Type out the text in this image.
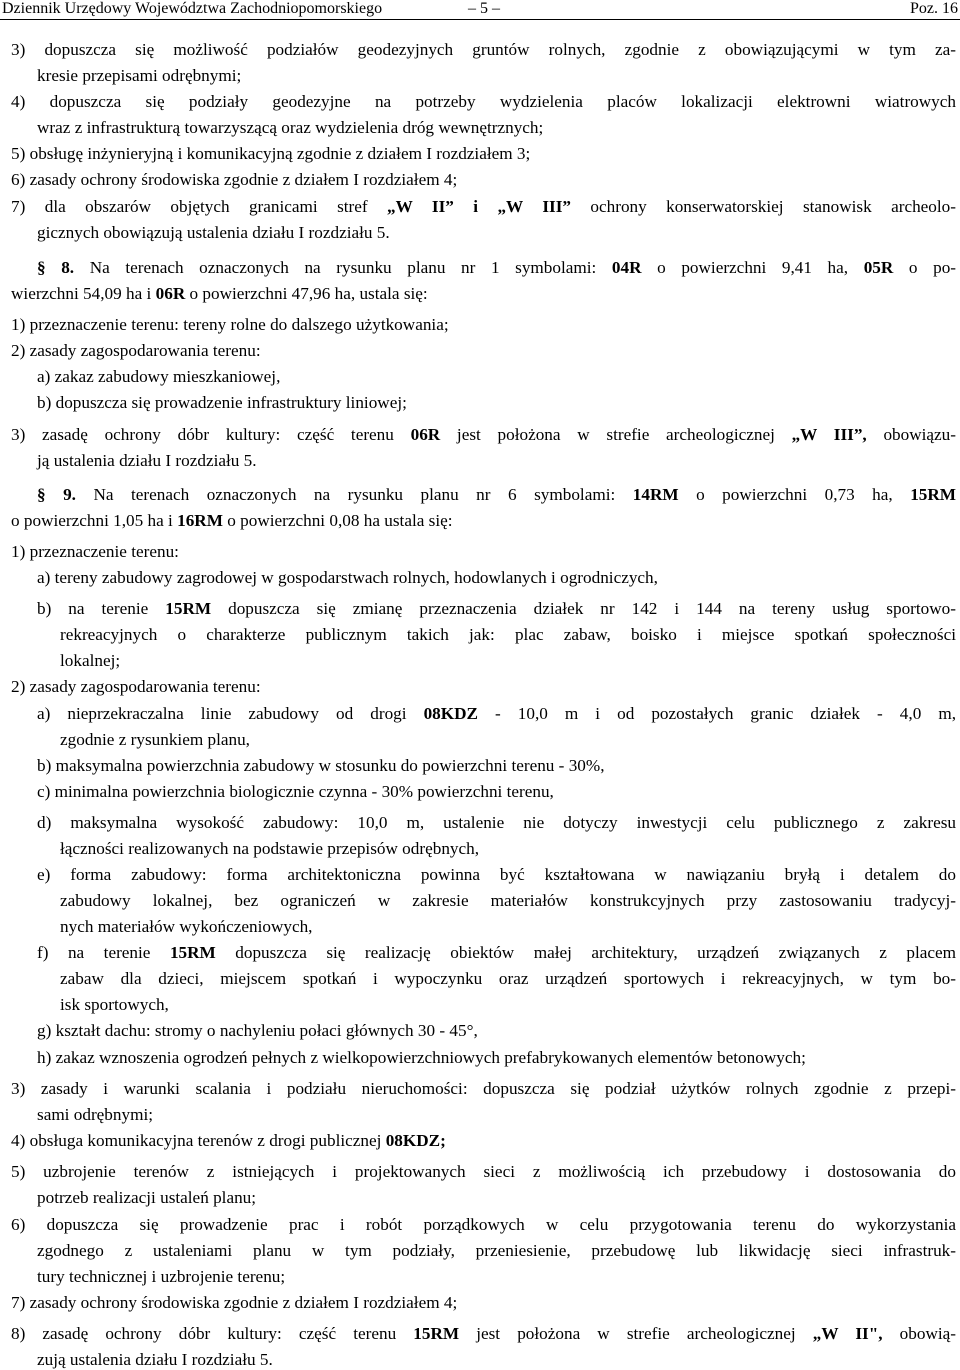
Dziennik Urzędowy Województwa Zachodniopomorskiego	– 5 –	Poz. 16
3) dopuszcza się możliwość podziałów geodezyjnych gruntów rolnych, zgodnie z obowiązującymi w tym za-
kresie przepisami odrębnymi;
4) dopuszcza się podziały geodezyjne na potrzeby wydzielenia placów lokalizacji elektrowni wiatrowych
wraz z infrastrukturą towarzyszącą oraz wydzielenia dróg wewnętrznych;
5) obsługę inżynieryjną i komunikacyjną zgodnie z działem I rozdziałem 3;
6) zasady ochrony środowiska zgodnie z działem I rozdziałem 4;
7) dla obszarów objętych granicami stref „W II” i „W III” ochrony konserwatorskiej stanowisk archeolo-
gicznych obowiązują ustalenia działu I rozdziału 5.
§ 8. Na terenach oznaczonych na rysunku planu nr 1 symbolami: 04R o powierzchni 9,41 ha, 05R o po-
wierzchni 54,09 ha i 06R o powierzchni 47,96 ha, ustala się:
1) przeznaczenie terenu: tereny rolne do dalszego użytkowania;
2) zasady zagospodarowania terenu:
a) zakaz zabudowy mieszkaniowej,
b) dopuszcza się prowadzenie infrastruktury liniowej;
3) zasadę ochrony dóbr kultury: część terenu 06R jest położona w strefie archeologicznej „W III”, obowiązu-
ją ustalenia działu I rozdziału 5.
§ 9. Na terenach oznaczonych na rysunku planu nr 6 symbolami: 14RM o powierzchni 0,73 ha, 15RM
o powierzchni 1,05 ha i 16RM o powierzchni 0,08 ha ustala się:
1) przeznaczenie terenu:
a) tereny zabudowy zagrodowej w gospodarstwach rolnych, hodowlanych i ogrodniczych,
b) na terenie 15RM dopuszcza się zmianę przeznaczenia działek nr 142 i 144 na tereny usług sportowo-
rekreacyjnych o charakterze publicznym takich jak: plac zabaw, boisko i miejsce spotkań społeczności
lokalnej;
2) zasady zagospodarowania terenu:
a) nieprzekraczalna linie zabudowy od drogi 08KDZ - 10,0 m i od pozostałych granic działek - 4,0 m,
zgodnie z rysunkiem planu,
b) maksymalna powierzchnia zabudowy w stosunku do powierzchni terenu - 30%,
c) minimalna powierzchnia biologicznie czynna - 30% powierzchni terenu,
d) maksymalna wysokość zabudowy: 10,0 m, ustalenie nie dotyczy inwestycji celu publicznego z zakresu
łączności realizowanych na podstawie przepisów odrębnych,
e) forma zabudowy: forma architektoniczna powinna być kształtowana w nawiązaniu bryłą i detalem do
zabudowy lokalnej, bez ograniczeń w zakresie materiałów konstrukcyjnych przy zastosowaniu tradycyj-
nych materiałów wykończeniowych,
f) na terenie 15RM dopuszcza się realizację obiektów małej architektury, urządzeń związanych z placem
zabaw dla dzieci, miejscem spotkań i wypoczynku oraz urządzeń sportowych i rekreacyjnych, w tym bo-
isk sportowych,
g) kształt dachu: stromy o nachyleniu połaci głównych 30 - 45°,
h) zakaz wznoszenia ogrodzeń pełnych z wielkopowierzchniowych prefabrykowanych elementów betonowych;
3) zasady i warunki scalania i podziału nieruchomości: dopuszcza się podział użytków rolnych zgodnie z przepi-
sami odrębnymi;
4) obsługa komunikacyjna terenów z drogi publicznej 08KDZ;
5) uzbrojenie terenów z istniejących i projektowanych sieci z możliwością ich przebudowy i dostosowania do
potrzeb realizacji ustaleń planu;
6) dopuszcza się prowadzenie prac i robót porządkowych w celu przygotowania terenu do wykorzystania
zgodnego z ustaleniami planu w tym podziały, przeniesienie, przebudowę lub likwidację sieci infrastruk-
tury technicznej i uzbrojenie terenu;
7) zasady ochrony środowiska zgodnie z działem I rozdziałem 4;
8) zasadę ochrony dóbr kultury: część terenu 15RM jest położona w strefie archeologicznej „W II", obowią-
zują ustalenia działu I rozdziału 5.
